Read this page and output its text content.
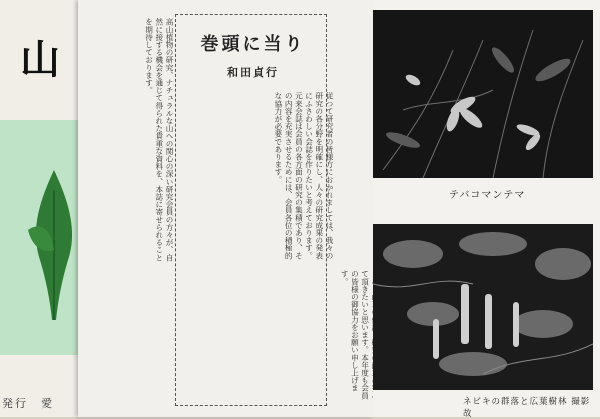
山
発行　愛
巻頭に当り
和田貞行
従つて研究者の皆様方におかれましては、我々の研究の各分野を明確にし、人々の研究成果の発表にふさわしい会誌を作りたいと考えております。元来会誌は会員の各方面の研究の集積であり、その内容を充実させるためには、会員各位の積極的な協力が必要であります。
高山植物の研究、ナチュラルな山への関心の深い研究会員の方々が、自然に接する機会を通じて得られた貴重な資料を、本誌に寄せられることを期待しております。
て頂きたいと思います。本年度も会員の皆様の御協力をお願い申し上げます。
テバコマンテマ
ネビキの群落と広葉樹林 撮影　故
